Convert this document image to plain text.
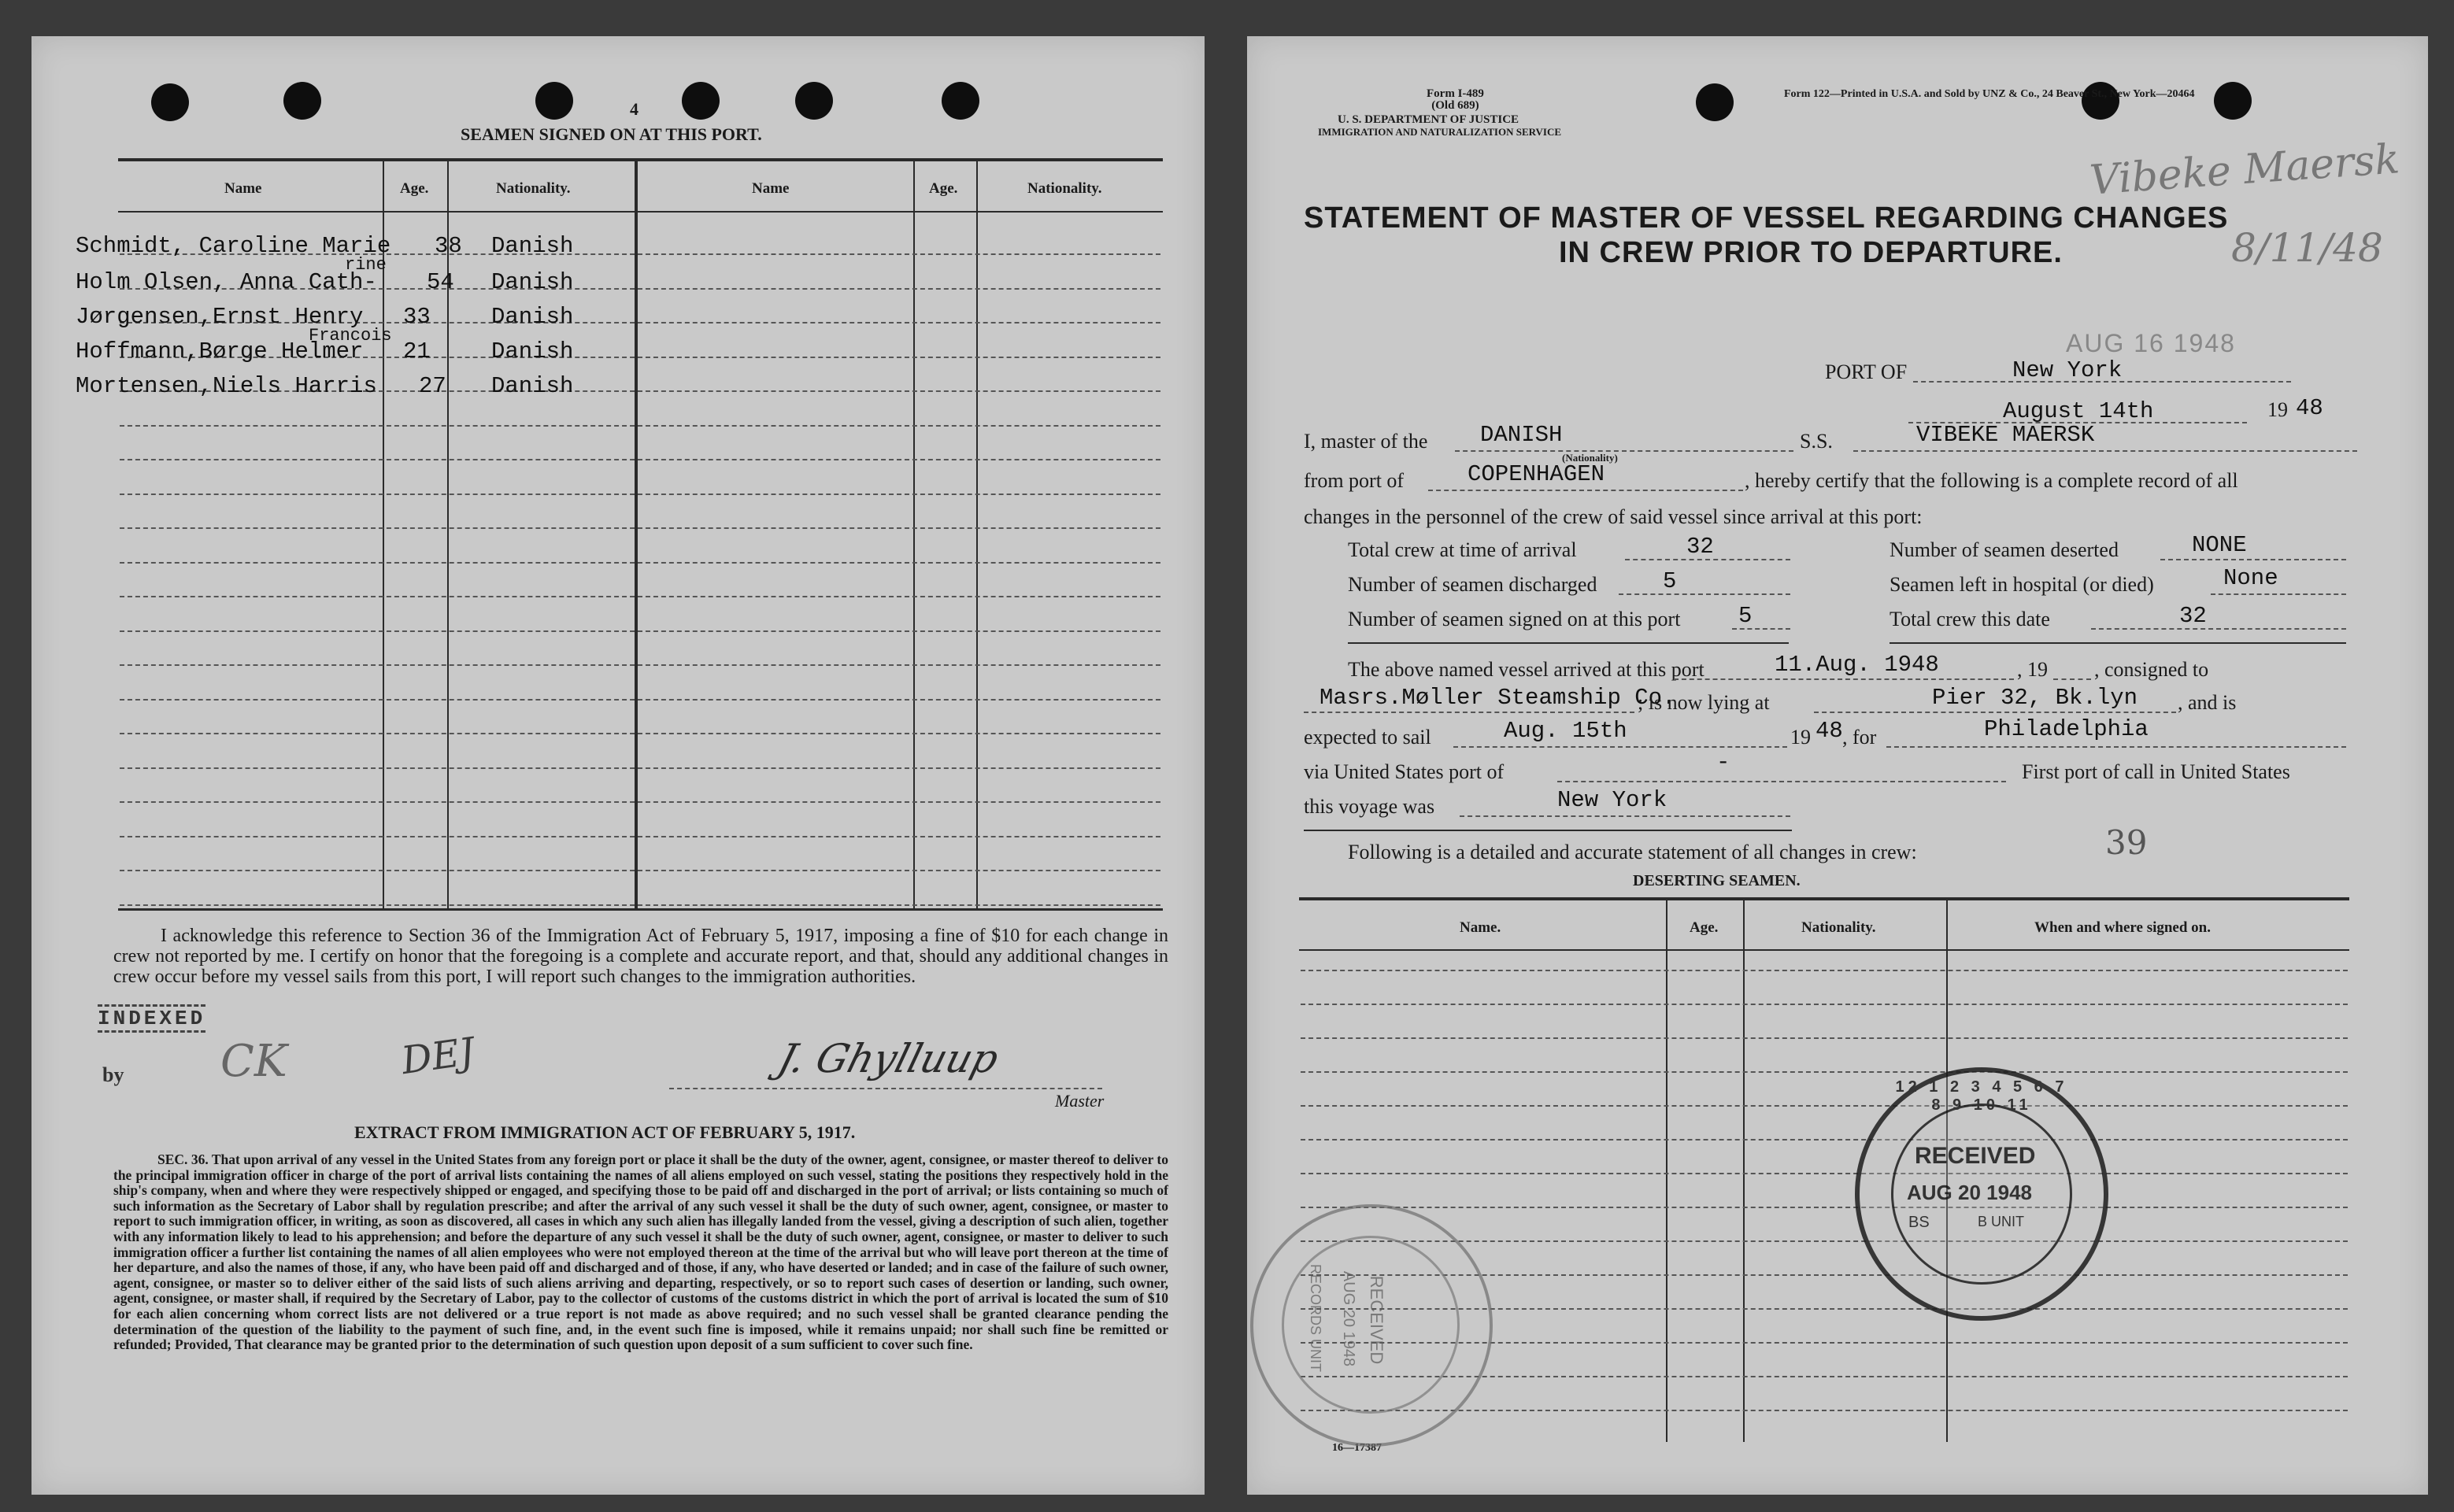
4
SEAMEN SIGNED ON AT THIS PORT.
Name	Age.	Nationality.	Name	Age.	Nationality.
Schmidt, Caroline Marie 38 Danish
rine
Holm Olsen, Anna Cath- 54 Danish
Jørgensen,Ernst Henry 33	Danish
Francois
Hoffmann,Børge Helmer 21	Danish
Mortensen,Niels Harris 27 Danish
I acknowledge this reference to Section 36 of the Immigration Act of February 5, 1917, imposing a fine of $10 for each change in crew not reported by me. I certify on honor that the foregoing is a complete and accurate report, and that, should any additional changes in crew occur before my vessel sails from this port, I will report such changes to the immigration authorities.
INDEXED
by CK	DEJ	J. Ghylluup
Master
EXTRACT FROM IMMIGRATION ACT OF FEBRUARY 5, 1917.
SEC. 36. That upon arrival of any vessel in the United States from any foreign port or place it shall be the duty of the owner, agent, consignee, or master thereof to deliver to the principal immigration officer in charge of the port of arrival lists containing the names of all aliens employed on such vessel, stating the positions they respectively hold in the ship's company, when and where they were respectively shipped or engaged, and specifying those to be paid off and discharged in the port of arrival; or lists containing so much of such information as the Secretary of Labor shall by regulation prescribe; and after the arrival of any such vessel it shall be the duty of such owner, agent, consignee, or master to report to such immigration officer, in writing, as soon as discovered, all cases in which any such alien has illegally landed from the vessel, giving a description of such alien, together with any information likely to lead to his apprehension; and before the departure of any such vessel it shall be the duty of such owner, agent, consignee, or master to deliver to such immigration officer a further list containing the names of all alien employees who were not employed thereon at the time of the arrival but who will leave port thereon at the time of her departure, and also the names of those, if any, who have been paid off and discharged and of those, if any, who have deserted or landed; and in case of the failure of such owner, agent, consignee, or master so to deliver either of the said lists of such aliens arriving and departing, respectively, or so to report such cases of desertion or landing, such owner, agent, consignee, or master shall, if required by the Secretary of Labor, pay to the collector of customs of the customs district in which the port of arrival is located the sum of $10 for each alien concerning whom correct lists are not delivered or a true report is not made as above required; and no such vessel shall be granted clearance pending the determination of the question of the liability to the payment of such fine, and, in the event such fine is imposed, while it remains unpaid; nor shall such fine be remitted or refunded; Provided, That clearance may be granted prior to the determination of such question upon deposit of a sum sufficient to cover such fine.
Form I-489
(Old 689)
U. S. DEPARTMENT OF JUSTICE
IMMIGRATION AND NATURALIZATION SERVICE
Form 122—Printed in U.S.A. and Sold by UNZ & Co., 24 Beaver St., New York—20464
Vibeke Maersk
8/11/48
STATEMENT OF MASTER OF VESSEL REGARDING CHANGES
IN CREW PRIOR TO DEPARTURE.
AUG 16 1948
PORT OF	New York
August 14th	19 48
I, master of the DANISH
(Nationality)
S.S.	VIBEKE MAERSK
from port of	COPENHAGEN	, hereby certify that the following is a complete record of all
changes in the personnel of the crew of said vessel since arrival at this port:
Total crew at time of arrival	32
Number of seamen discharged	5
Number of seamen signed on at this port	5
Number of seamen deserted	NONE
Seamen left in hospital (or died)	None
Total crew this date	32
The above named vessel arrived at this port	11.Aug. 1948	, 19 , consigned to
Masrs.Møller Steamship Co.
; is now lying at	Pier 32, Bk.lyn , and is
expected to sail	Aug. 15th	19 48 , for	Philadelphia
via United States port of	-	First port of call in United States
this voyage was	New York
Following is a detailed and accurate statement of all changes in crew:	39
DESERTING SEAMEN.
Name.	Age.	Nationality.	When and where signed on.
RECEIVED
AUG 20 1948
BS	B UNIT
12 1 2 3 4 5 6 7 8 9 10 11
16—17387
RECEIVED
AUG 20 1948
RECORDS UNIT
